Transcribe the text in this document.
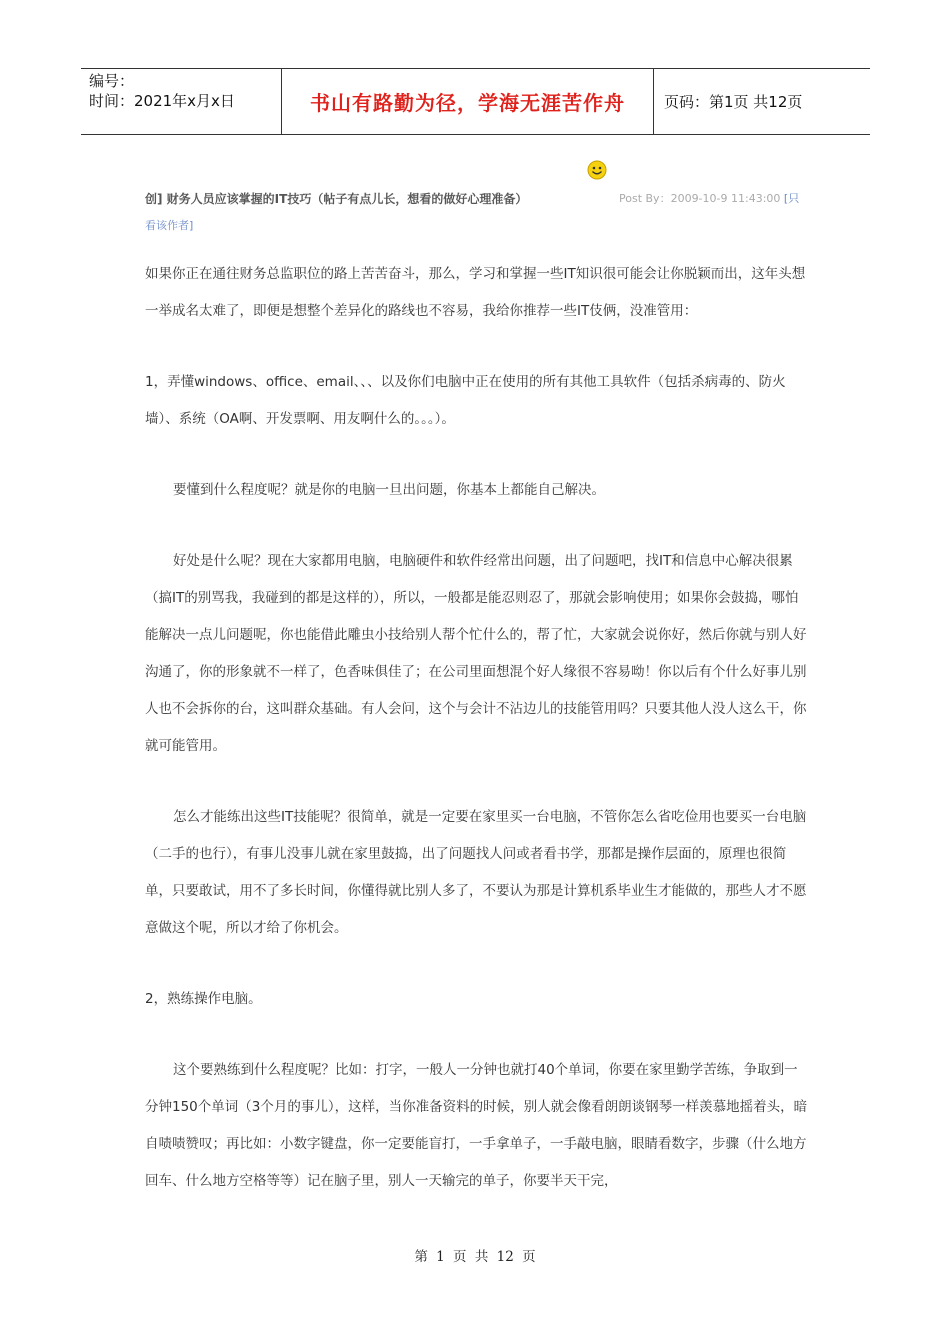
编号：
时间：2021年x月x日	书山有路勤为径，学海无涯苦作舟	页码：第1页 共12页
创] 财务人员应该掌握的IT技巧（帖子有点儿长，想看的做好心理准备）	Post By：2009-10-9 11:43:00 [只
看该作者]

如果你正在通往财务总监职位的路上苦苦奋斗，那么，学习和掌握一些IT知识很可能会让你脱颖而出，这年头想一举成名太难了，即便是想整个差异化的路线也不容易，我给你推荐一些IT伎俩，没准管用：

1，弄懂windows、office、email、、、以及你们电脑中正在使用的所有其他工具软件（包括杀病毒的、防火墙）、系统（OA啊、开发票啊、用友啊什么的。。。）。

要懂到什么程度呢？就是你的电脑一旦出问题，你基本上都能自己解决。

好处是什么呢？现在大家都用电脑，电脑硬件和软件经常出问题，出了问题吧，找IT和信息中心解决很累（搞IT的别骂我，我碰到的都是这样的），所以，一般都是能忍则忍了，那就会影响使用；如果你会鼓捣，哪怕能解决一点儿问题呢，你也能借此雕虫小技给别人帮个忙什么的，帮了忙，大家就会说你好，然后你就与别人好沟通了，你的形象就不一样了，色香味俱佳了；在公司里面想混个好人缘很不容易呦！你以后有个什么好事儿别人也不会拆你的台，这叫群众基础。有人会问，这个与会计不沾边儿的技能管用吗？只要其他人没人这么干，你就可能管用。

怎么才能练出这些IT技能呢？很简单，就是一定要在家里买一台电脑，不管你怎么省吃俭用也要买一台电脑（二手的也行），有事儿没事儿就在家里鼓捣，出了问题找人问或者看书学，那都是操作层面的，原理也很简单，只要敢试，用不了多长时间，你懂得就比别人多了，不要认为那是计算机系毕业生才能做的，那些人才不愿意做这个呢，所以才给了你机会。

2，熟练操作电脑。

这个要熟练到什么程度呢？比如：打字，一般人一分钟也就打40个单词，你要在家里勤学苦练，争取到一分钟150个单词（3个月的事儿），这样，当你准备资料的时候，别人就会像看朗朗谈钢琴一样羡慕地摇着头，暗自啧啧赞叹；再比如：小数字键盘，你一定要能盲打，一手拿单子，一手敲电脑，眼睛看数字，步骤（什么地方回车、什么地方空格等等）记在脑子里，别人一天输完的单子，你要半天干完，

第 1 页 共 12 页
